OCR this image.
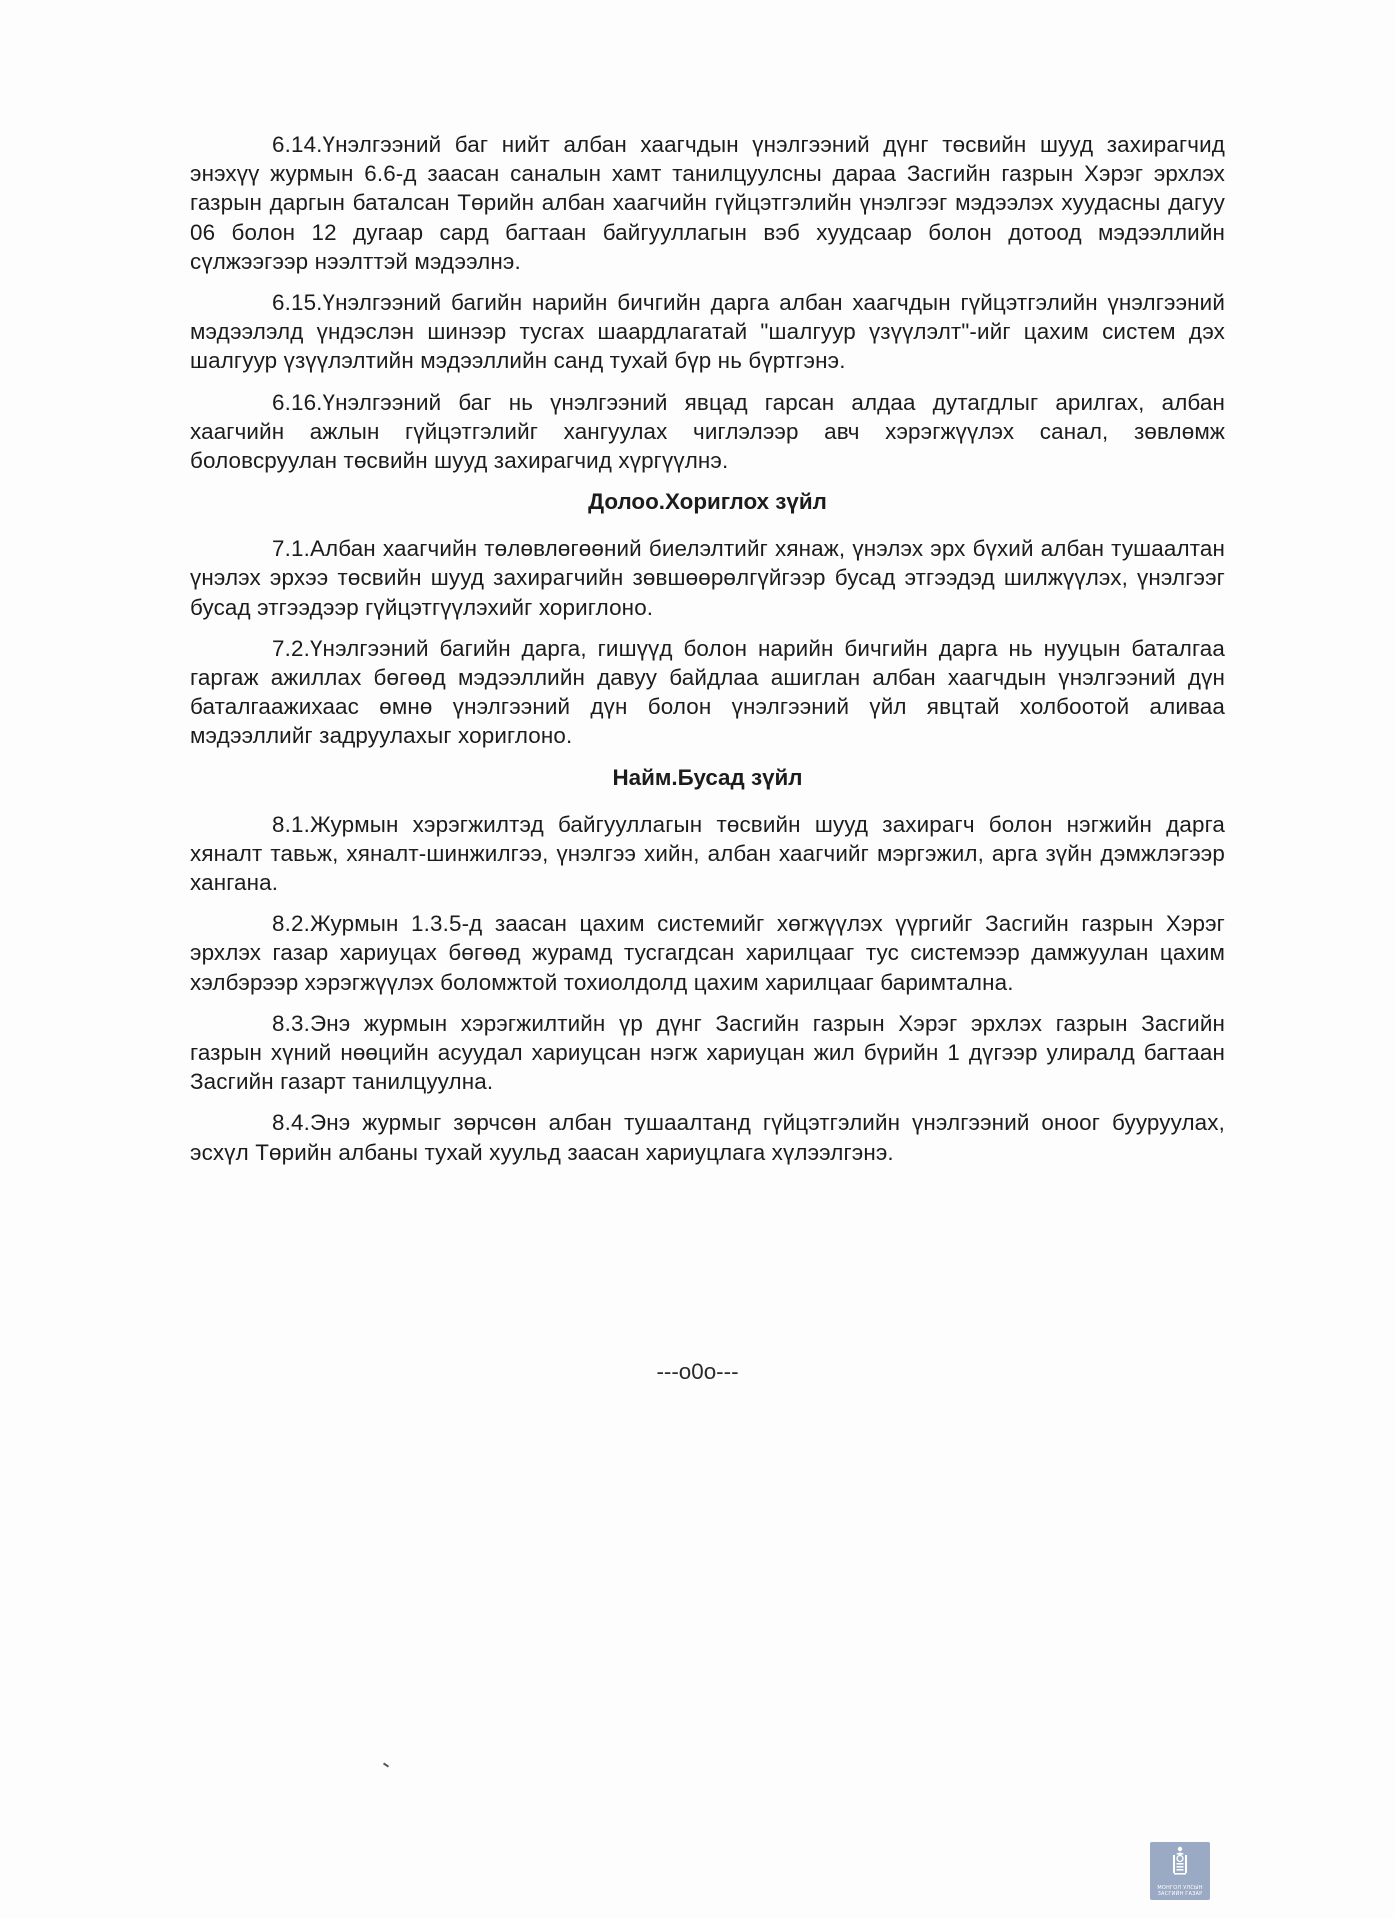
6.14.Үнэлгээний баг нийт албан хаагчдын үнэлгээний дүнг төсвийн шууд захирагчид энэхүү журмын 6.6-д заасан саналын хамт танилцуулсны дараа Засгийн газрын Хэрэг эрхлэх газрын даргын баталсан Төрийн албан хаагчийн гүйцэтгэлийн үнэлгээг мэдээлэх хуудасны дагуу 06 болон 12 дугаар сард багтаан байгууллагын вэб хуудсаар болон дотоод мэдээллийн сүлжээгээр нээлттэй мэдээлнэ.

6.15.Үнэлгээний багийн нарийн бичгийн дарга албан хаагчдын гүйцэтгэлийн үнэлгээний мэдээлэлд үндэслэн шинээр тусгах шаардлагатай "шалгуур үзүүлэлт"-ийг цахим систем дэх шалгуур үзүүлэлтийн мэдээллийн санд тухай бүр нь бүртгэнэ.

6.16.Үнэлгээний баг нь үнэлгээний явцад гарсан алдаа дутагдлыг арилгах, албан хаагчийн ажлын гүйцэтгэлийг хангуулах чиглэлээр авч хэрэгжүүлэх санал, зөвлөмж боловсруулан төсвийн шууд захирагчид хүргүүлнэ.

Долоо.Хориглох зүйл

7.1.Албан хаагчийн төлөвлөгөөний биелэлтийг хянаж, үнэлэх эрх бүхий албан тушаалтан үнэлэх эрхээ төсвийн шууд захирагчийн зөвшөөрөлгүйгээр бусад этгээдэд шилжүүлэх, үнэлгээг бусад этгээдээр гүйцэтгүүлэхийг хориглоно.

7.2.Үнэлгээний багийн дарга, гишүүд болон нарийн бичгийн дарга нь нууцын баталгаа гаргаж ажиллах бөгөөд мэдээллийн давуу байдлаа ашиглан албан хаагчдын үнэлгээний дүн баталгаажихаас өмнө үнэлгээний дүн болон үнэлгээний үйл явцтай холбоотой аливаа мэдээллийг задруулахыг хориглоно.

Найм.Бусад зүйл

8.1.Журмын хэрэгжилтэд байгууллагын төсвийн шууд захирагч болон нэгжийн дарга хяналт тавьж, хяналт-шинжилгээ, үнэлгээ хийн, албан хаагчийг мэргэжил, арга зүйн дэмжлэгээр хангана.

8.2.Журмын 1.3.5-д заасан цахим системийг хөгжүүлэх үүргийг Засгийн газрын Хэрэг эрхлэх газар хариуцах бөгөөд журамд тусгагдсан харилцааг тус системээр дамжуулан цахим хэлбэрээр хэрэгжүүлэх боломжтой тохиолдолд цахим харилцааг баримтална.

8.3.Энэ журмын хэрэгжилтийн үр дүнг Засгийн газрын Хэрэг эрхлэх газрын Засгийн газрын хүний нөөцийн асуудал хариуцсан нэгж хариуцан жил бүрийн 1 дүгээр улиралд багтаан Засгийн газарт танилцуулна.

8.4.Энэ журмыг зөрчсөн албан тушаалтанд гүйцэтгэлийн үнэлгээний оноог бууруулах, эсхүл Төрийн албаны тухай хуульд заасан хариуцлага хүлээлгэнэ.

---o0o---
МОНГОЛ УЛСЫН
ЗАСГИЙН ГАЗАР
